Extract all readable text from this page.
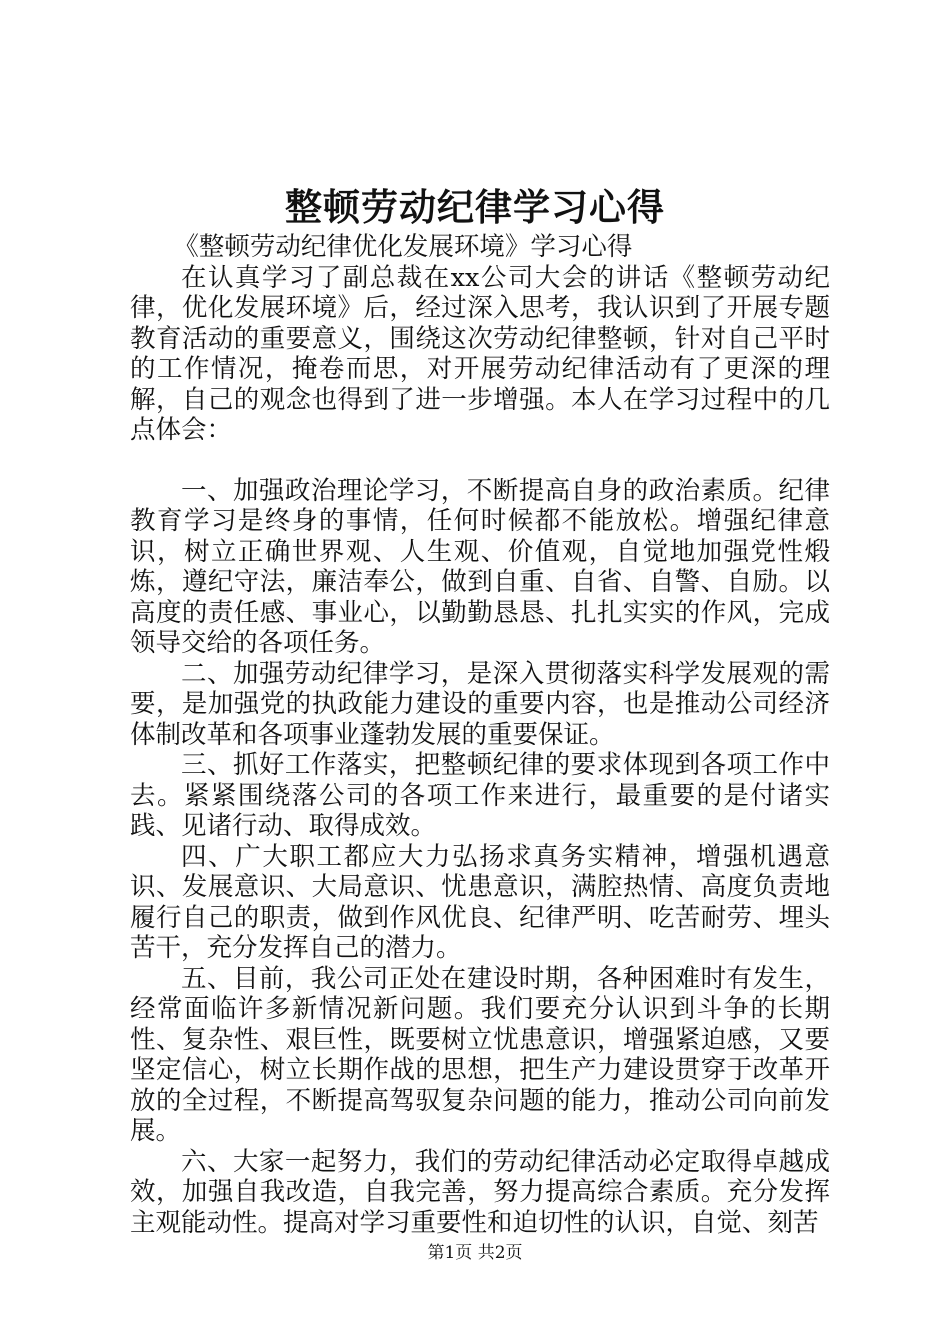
整顿劳动纪律学习心得

《整顿劳动纪律优化发展环境》学习心得

在认真学习了副总裁在xx公司大会的讲话《整顿劳动纪律，优化发展环境》后，经过深入思考，我认识到了开展专题教育活动的重要意义，围绕这次劳动纪律整顿，针对自己平时的工作情况，掩卷而思，对开展劳动纪律活动有了更深的理解，自己的观念也得到了进一步增强。本人在学习过程中的几点体会：

一、加强政治理论学习，不断提高自身的政治素质。纪律教育学习是终身的事情，任何时候都不能放松。增强纪律意识，树立正确世界观、人生观、价值观，自觉地加强党性煅炼，遵纪守法，廉洁奉公，做到自重、自省、自警、自励。以高度的责任感、事业心，以勤勤恳恳、扎扎实实的作风，完成领导交给的各项任务。

二、加强劳动纪律学习，是深入贯彻落实科学发展观的需要，是加强党的执政能力建设的重要内容，也是推动公司经济体制改革和各项事业蓬勃发展的重要保证。

三、抓好工作落实，把整顿纪律的要求体现到各项工作中去。紧紧围绕落公司的各项工作来进行，最重要的是付诸实践、见诸行动、取得成效。

四、广大职工都应大力弘扬求真务实精神，增强机遇意识、发展意识、大局意识、忧患意识，满腔热情、高度负责地履行自己的职责，做到作风优良、纪律严明、吃苦耐劳、埋头苦干，充分发挥自己的潜力。

五、目前，我公司正处在建设时期，各种困难时有发生，经常面临许多新情况新问题。我们要充分认识到斗争的长期性、复杂性、艰巨性，既要树立忧患意识，增强紧迫感，又要坚定信心，树立长期作战的思想，把生产力建设贯穿于改革开放的全过程，不断提高驾驭复杂问题的能力，推动公司向前发展。

六、大家一起努力，我们的劳动纪律活动必定取得卓越成效，加强自我改造，自我完善，努力提高综合素质。充分发挥主观能动性。提高对学习重要性和迫切性的认识，自觉、刻苦

第1页 共2页
